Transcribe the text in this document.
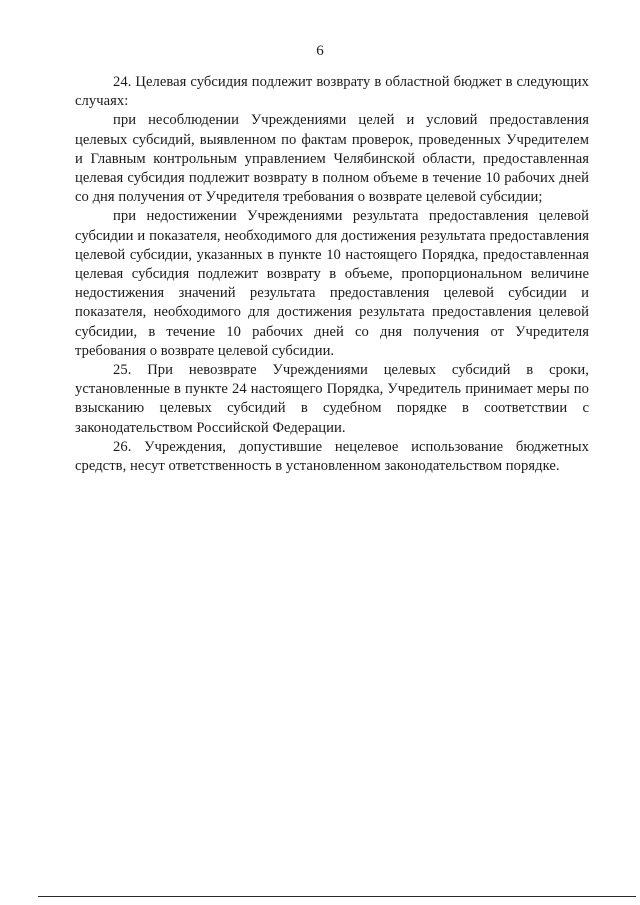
6

24. Целевая субсидия подлежит возврату в областной бюджет в следующих случаях:

при несоблюдении Учреждениями целей и условий предоставления целевых субсидий, выявленном по фактам проверок, проведенных Учредителем и Главным контрольным управлением Челябинской области, предоставленная целевая субсидия подлежит возврату в полном объеме в течение 10 рабочих дней со дня получения от Учредителя требования о возврате целевой субсидии;

при недостижении Учреждениями результата предоставления целевой субсидии и показателя, необходимого для достижения результата предоставления целевой субсидии, указанных в пункте 10 настоящего Порядка, предоставленная целевая субсидия подлежит возврату в объеме, пропорциональном величине недостижения значений результата предоставления целевой субсидии и показателя, необходимого для достижения результата предоставления целевой субсидии, в течение 10 рабочих дней со дня получения от Учредителя требования о возврате целевой субсидии.

25. При невозврате Учреждениями целевых субсидий в сроки, установленные в пункте 24 настоящего Порядка, Учредитель принимает меры по взысканию целевых субсидий в судебном порядке в соответствии с законодательством Российской Федерации.

26. Учреждения, допустившие нецелевое использование бюджетных средств, несут ответственность в установленном законодательством порядке.
